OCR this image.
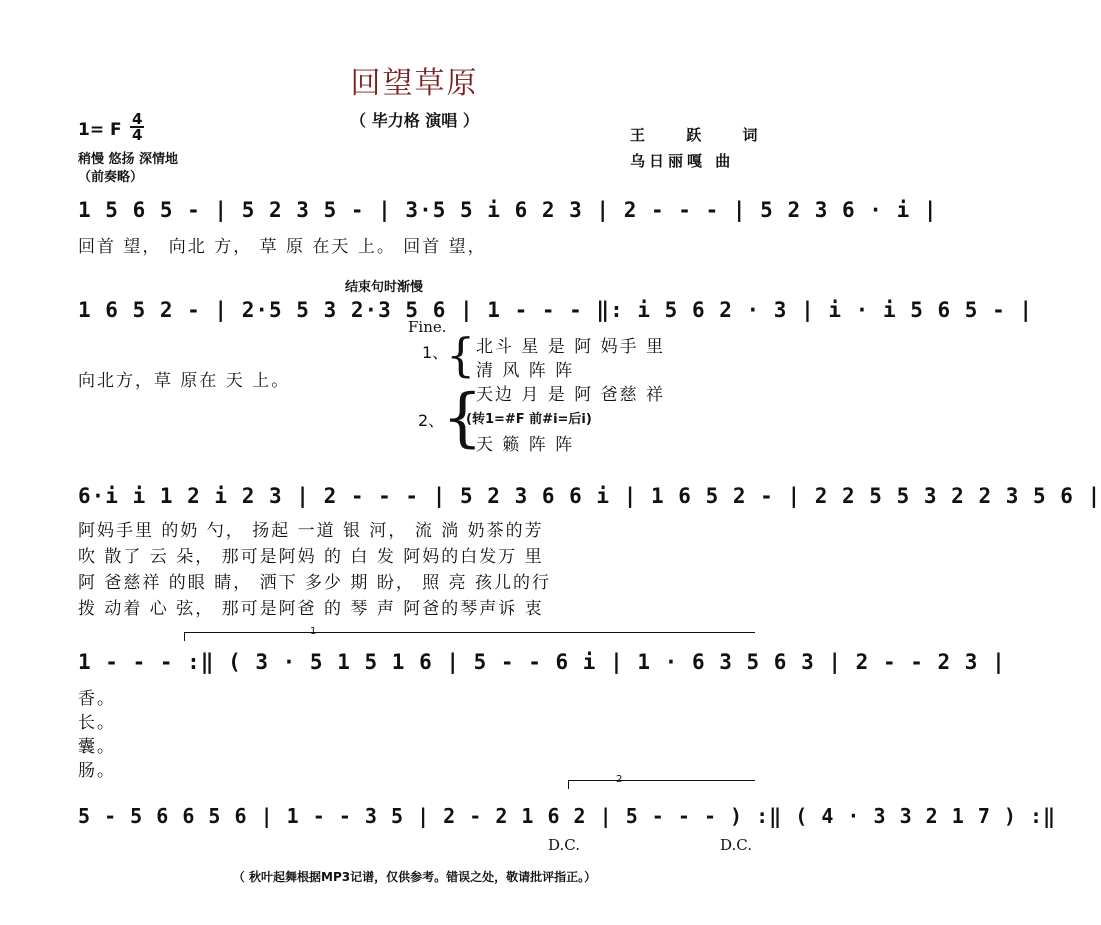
回望草原
（ 毕力格 演唱 ）
1= F
4
4
稍慢 悠扬 深情地
（前奏略）
王 跃 词
乌日丽嘎 曲
1 5 6 5 - | 5 2 3 5 - | 3·5 5 i 6 2 3 | 2 - - - | 5 2 3 6 · i |
回首 望， 向北 方， 草 原 在天 上。 回首 望，
结束句时渐慢
1 6 5 2 - | 2·5 5 3 2·3 5 6 | 1 - - - ‖: i 5 6 2 · 3 | i · i 5 6 5 - |
Fine.
向北方，草 原在 天 上。
1、
{ 北斗 星 是 阿 妈手 里
清 风 阵 阵
2、
{
天边 月 是 阿 爸慈 祥
(转1=#F 前#i=后i)
天 籁 阵 阵
6·i i 1 2 i 2 3 | 2 - - - | 5 2 3 6 6 i | 1 6 5 2 - | 2 2 5 5 3 2 2 3 5 6 |
阿妈手里 的奶 勺， 扬起 一道 银 河， 流 淌 奶茶的芳
吹 散了 云 朵， 那可是阿妈 的 白 发 阿妈的白发万 里
阿 爸慈祥 的眼 睛， 洒下 多少 期 盼， 照 亮 孩儿的行
拨 动着 心 弦， 那可是阿爸 的 琴 声 阿爸的琴声诉 衷
1
1 - - - :‖ ( 3 · 5 1 5 1 6 | 5 - - 6 i | 1 · 6 3 5 6 3 | 2 - - 2 3 |
香。
长。
囊。
肠。	2
5 - 5 6 6 5 6 | 1 - - 3 5 | 2 - 2 1 6 2 | 5 - - - ) :‖ ( 4 · 3 3 2 1 7 ) :‖
D.C.	D.C.
（ 秋叶起舞根据MP3记谱，仅供参考。错误之处，敬请批评指正。）
